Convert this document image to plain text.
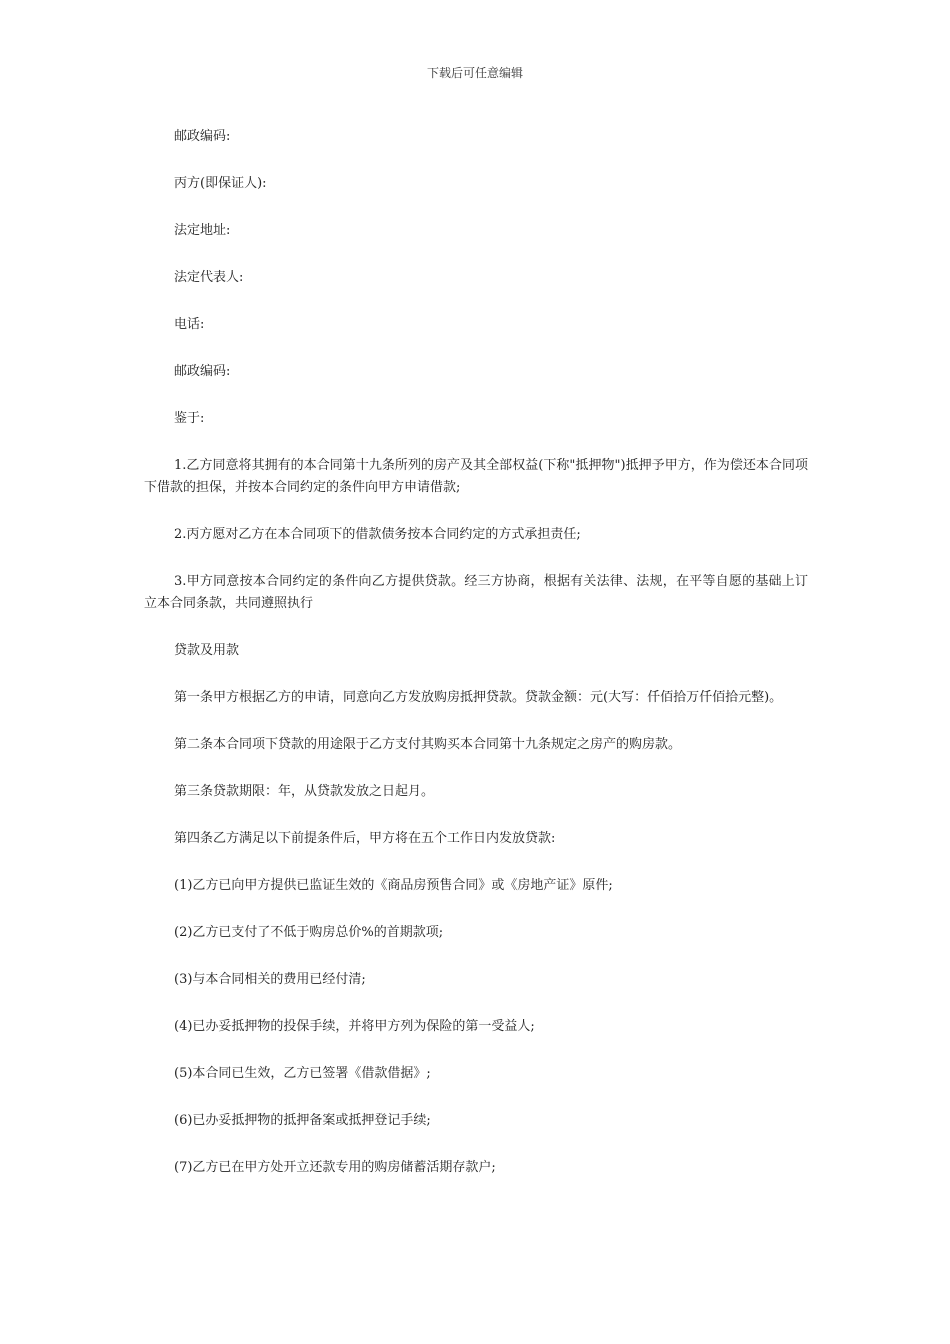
下载后可任意编辑

邮政编码:

丙方(即保证人):

法定地址:

法定代表人:

电话:

邮政编码:

鉴于:

1.乙方同意将其拥有的本合同第十九条所列的房产及其全部权益(下称"抵押物")抵押予甲方，作为偿还本合同项下借款的担保，并按本合同约定的条件向甲方申请借款;

2.丙方愿对乙方在本合同项下的借款债务按本合同约定的方式承担责任;

3.甲方同意按本合同约定的条件向乙方提供贷款。经三方协商，根据有关法律、法规，在平等自愿的基础上订立本合同条款，共同遵照执行

贷款及用款

第一条甲方根据乙方的申请，同意向乙方发放购房抵押贷款。贷款金额：元(大写：仟佰拾万仟佰拾元整)。

第二条本合同项下贷款的用途限于乙方支付其购买本合同第十九条规定之房产的购房款。

第三条贷款期限：年，从贷款发放之日起月。

第四条乙方满足以下前提条件后，甲方将在五个工作日内发放贷款:

(1)乙方已向甲方提供已监证生效的《商品房预售合同》或《房地产证》原件;

(2)乙方已支付了不低于购房总价%的首期款项;

(3)与本合同相关的费用已经付清;

(4)已办妥抵押物的投保手续，并将甲方列为保险的第一受益人;

(5)本合同已生效，乙方已签署《借款借据》;

(6)已办妥抵押物的抵押备案或抵押登记手续;

(7)乙方已在甲方处开立还款专用的购房储蓄活期存款户;
